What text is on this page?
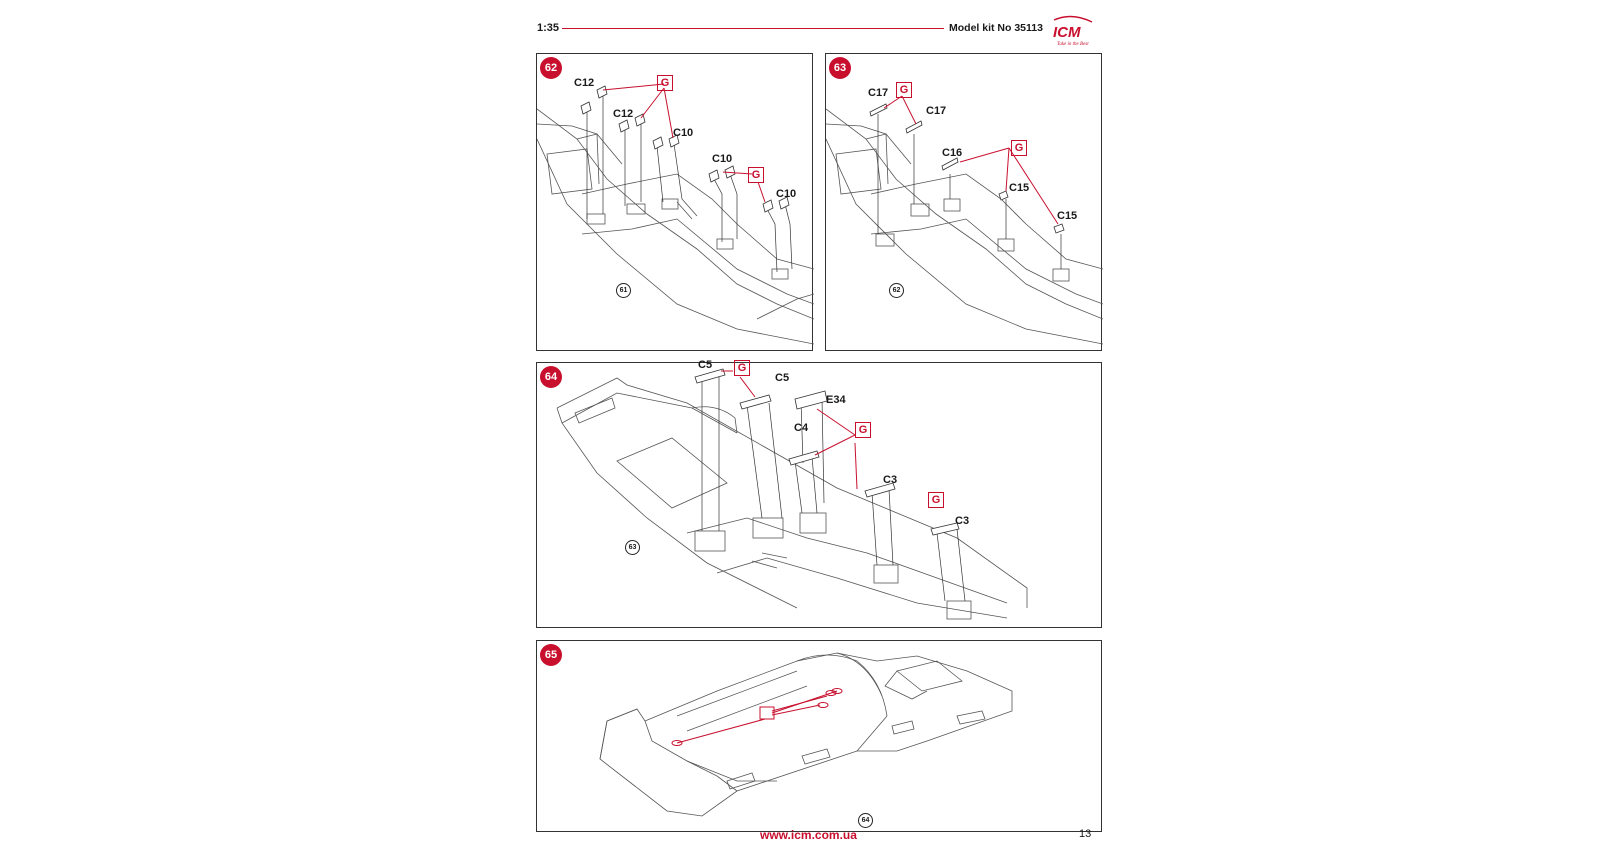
1:35	Model kit No 35113 ICM
Take in the Best
62
C12
C12
C10
C10
C10
G
G
61
63
C17
C17
C16
C15
C15
G
G
62
64
C5
C5
E34
C4
C3
C3
G
G
G
63
65
64
www.icm.com.ua	13
